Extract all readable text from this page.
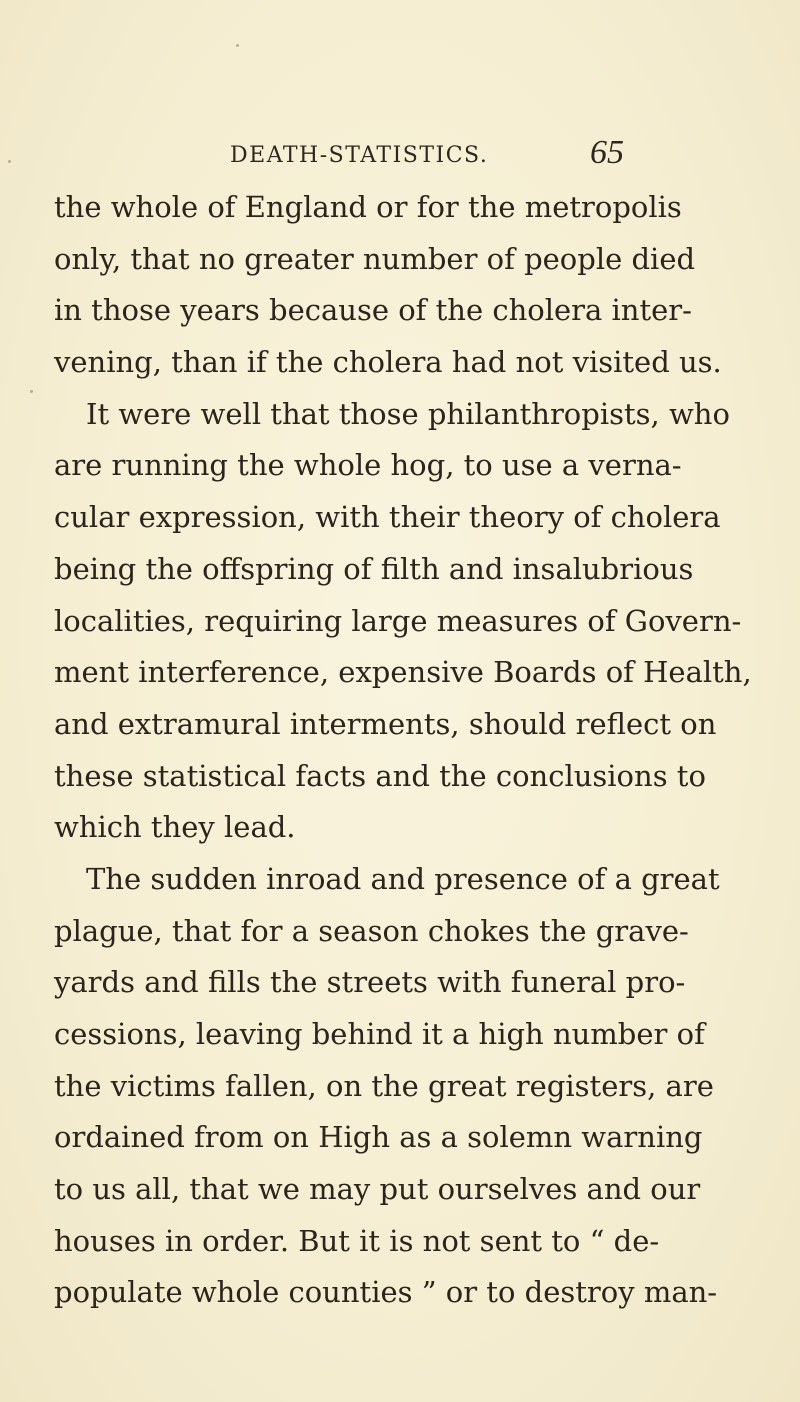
DEATH-STATISTICS.	65
the whole of England or for the metropolis
only, that no greater number of people died
in those years because of the cholera inter-
vening, than if the cholera had not visited us.
It were well that those philanthropists, who
are running the whole hog, to use a verna-
cular expression, with their theory of cholera
being the offspring of filth and insalubrious
localities, requiring large measures of Govern-
ment interference, expensive Boards of Health,
and extramural interments, should reflect on
these statistical facts and the conclusions to
which they lead.
The sudden inroad and presence of a great
plague, that for a season chokes the grave-
yards and fills the streets with funeral pro-
cessions, leaving behind it a high number of
the victims fallen, on the great registers, are
ordained from on High as a solemn warning
to us all, that we may put ourselves and our
houses in order. But it is not sent to “ de-
populate whole counties ” or to destroy man-
